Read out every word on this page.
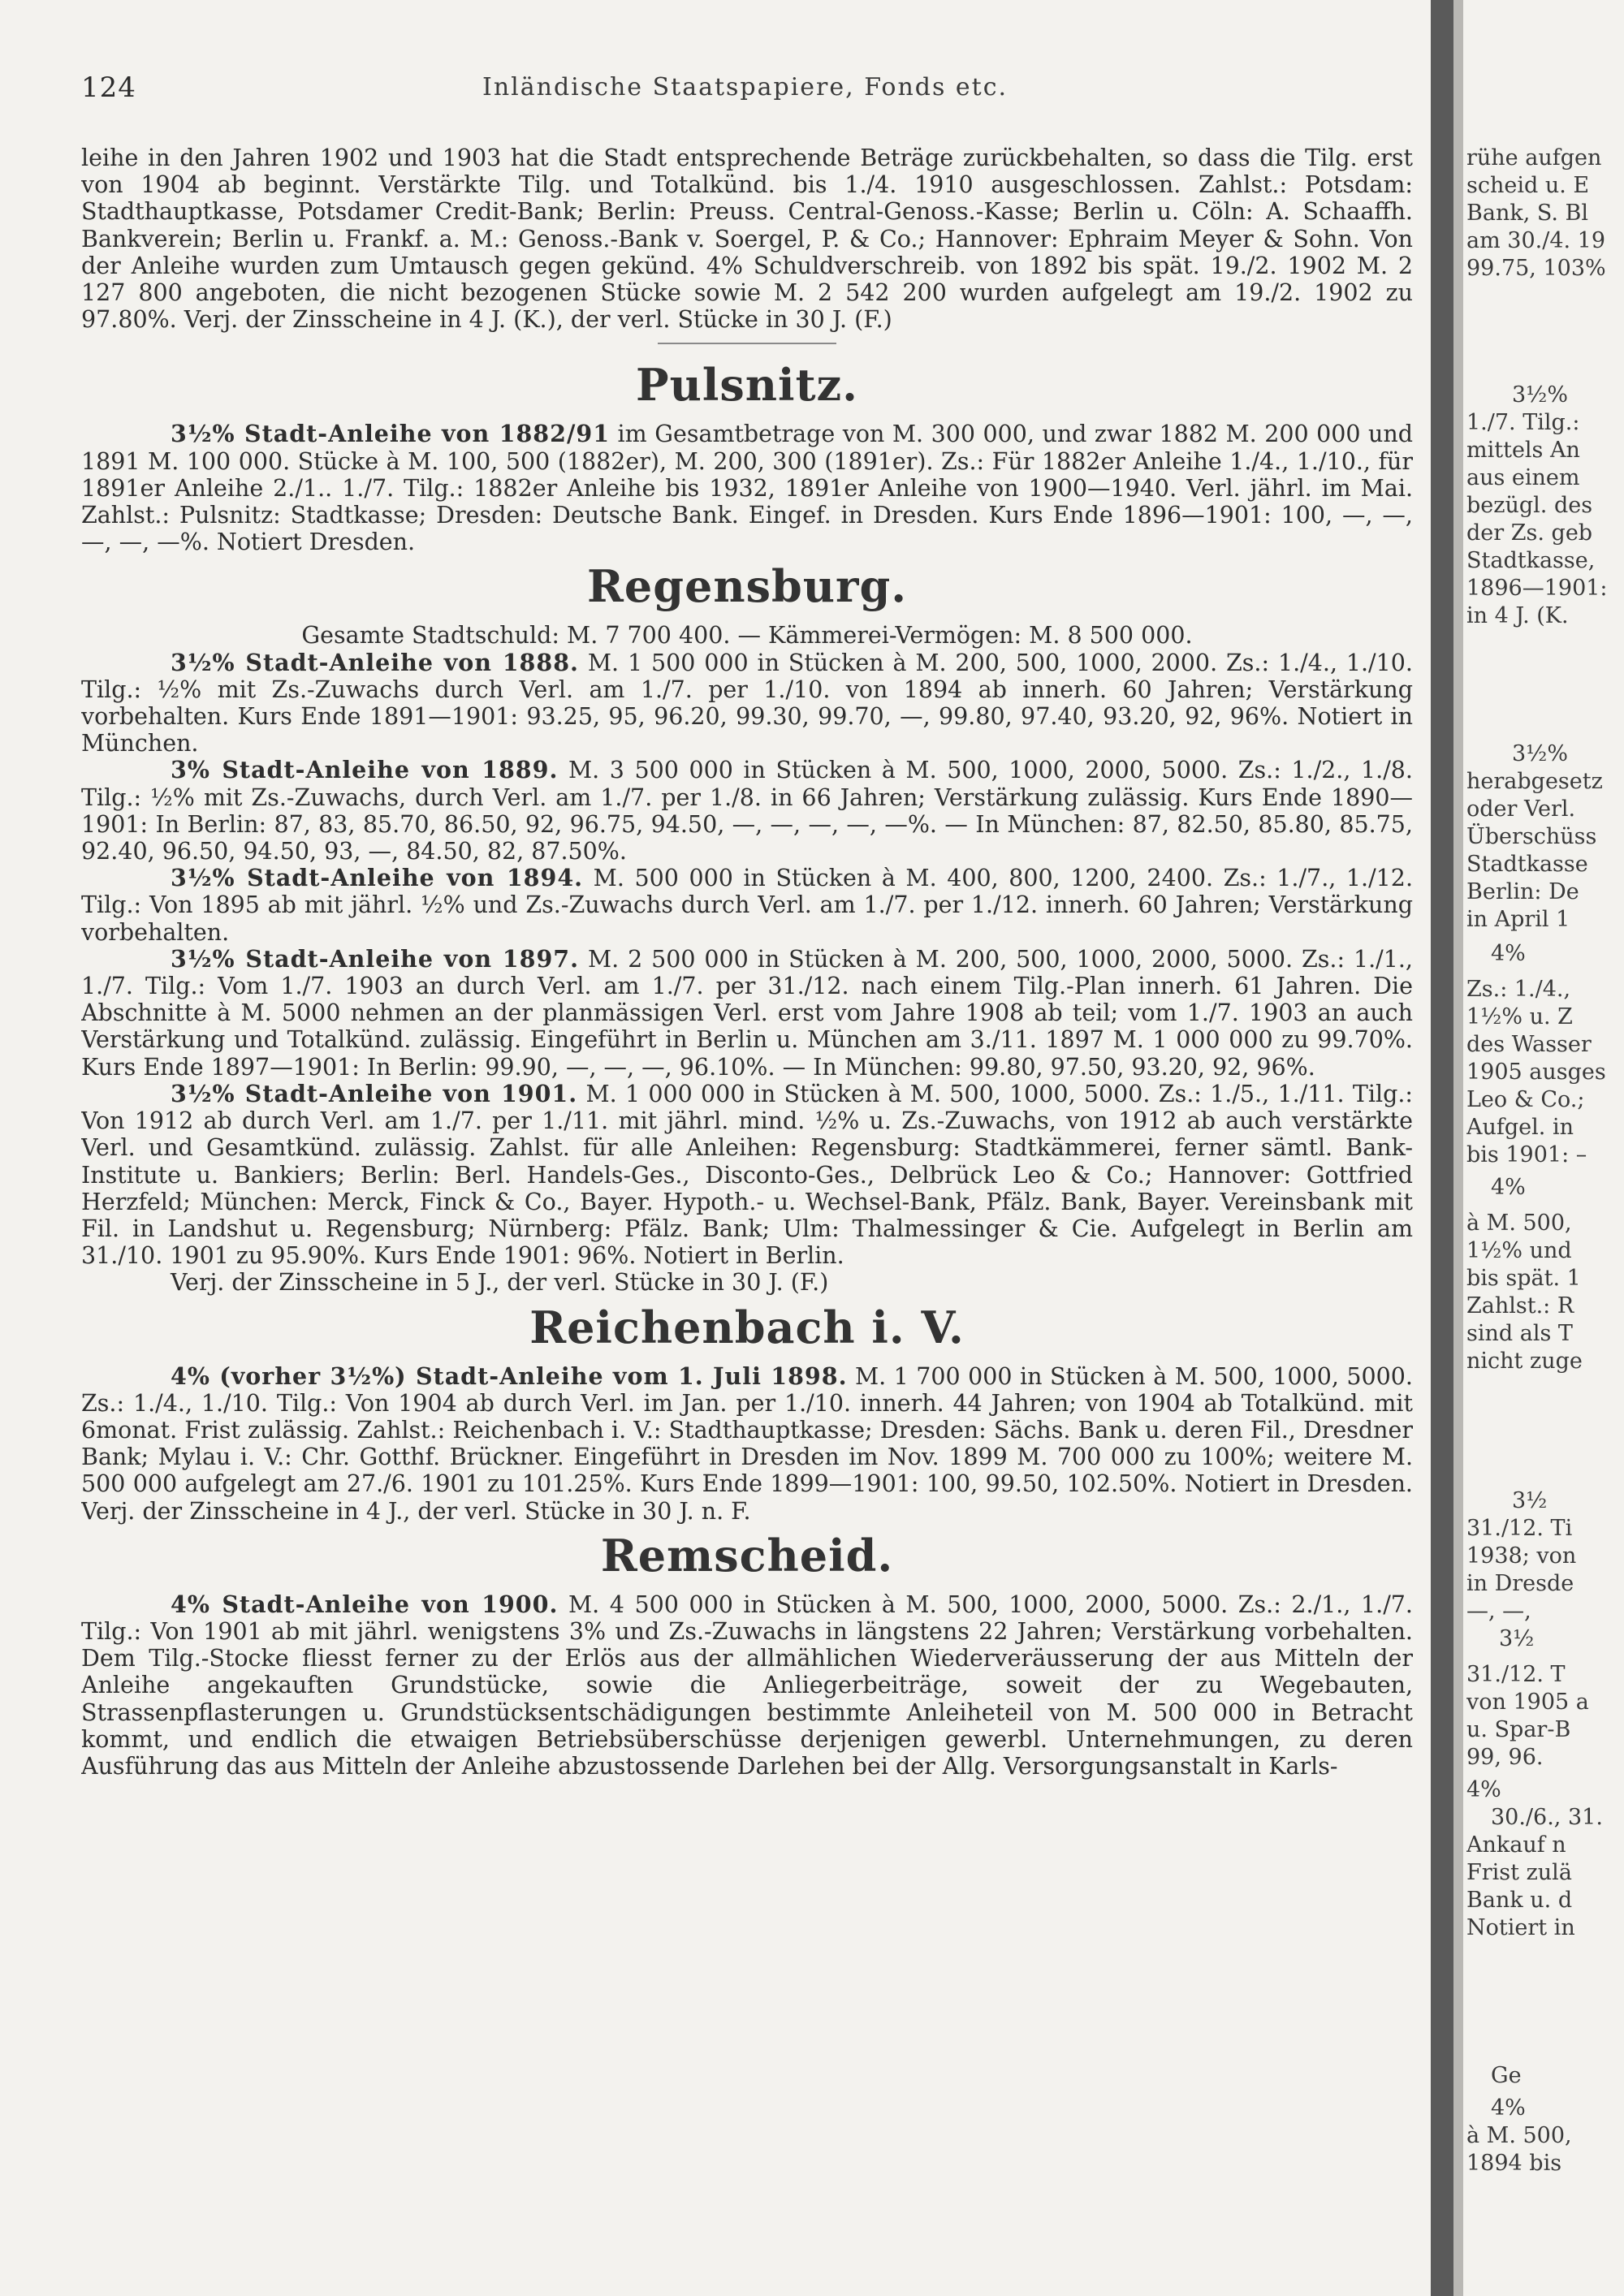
124	Inländische Staatspapiere, Fonds etc.

leihe in den Jahren 1902 und 1903 hat die Stadt entsprechende Beträge zurückbehalten, so dass die Tilg. erst von 1904 ab beginnt. Verstärkte Tilg. und Totalkünd. bis 1./4. 1910 ausgeschlossen. Zahlst.: Potsdam: Stadthauptkasse, Potsdamer Credit-Bank; Berlin: Preuss. Central-Genoss.-Kasse; Berlin u. Cöln: A. Schaaffh. Bankverein; Berlin u. Frankf. a. M.: Genoss.-Bank v. Soergel, P. & Co.; Hannover: Ephraim Meyer & Sohn. Von der Anleihe wurden zum Umtausch gegen gekünd. 4% Schuldverschreib. von 1892 bis spät. 19./2. 1902 M. 2 127 800 angeboten, die nicht bezogenen Stücke sowie M. 2 542 200 wurden aufgelegt am 19./2. 1902 zu 97.80%. Verj. der Zinsscheine in 4 J. (K.), der verl. Stücke in 30 J. (F.)

Pulsnitz.

3½% Stadt-Anleihe von 1882/91 im Gesamtbetrage von M. 300 000, und zwar 1882 M. 200 000 und 1891 M. 100 000. Stücke à M. 100, 500 (1882er), M. 200, 300 (1891er). Zs.: Für 1882er Anleihe 1./4., 1./10., für 1891er Anleihe 2./1.. 1./7. Tilg.: 1882er Anleihe bis 1932, 1891er Anleihe von 1900—1940. Verl. jährl. im Mai. Zahlst.: Pulsnitz: Stadtkasse; Dresden: Deutsche Bank. Eingef. in Dresden. Kurs Ende 1896—1901: 100, —, —, —, —, —%. Notiert Dresden.

Regensburg.

Gesamte Stadtschuld: M. 7 700 400. — Kämmerei-Vermögen: M. 8 500 000.

3½% Stadt-Anleihe von 1888. M. 1 500 000 in Stücken à M. 200, 500, 1000, 2000. Zs.: 1./4., 1./10. Tilg.: ½% mit Zs.-Zuwachs durch Verl. am 1./7. per 1./10. von 1894 ab innerh. 60 Jahren; Verstärkung vorbehalten. Kurs Ende 1891—1901: 93.25, 95, 96.20, 99.30, 99.70, —, 99.80, 97.40, 93.20, 92, 96%. Notiert in München.

3% Stadt-Anleihe von 1889. M. 3 500 000 in Stücken à M. 500, 1000, 2000, 5000. Zs.: 1./2., 1./8. Tilg.: ½% mit Zs.-Zuwachs, durch Verl. am 1./7. per 1./8. in 66 Jahren; Verstärkung zulässig. Kurs Ende 1890—1901: In Berlin: 87, 83, 85.70, 86.50, 92, 96.75, 94.50, —, —, —, —, —%. — In München: 87, 82.50, 85.80, 85.75, 92.40, 96.50, 94.50, 93, —, 84.50, 82, 87.50%.

3½% Stadt-Anleihe von 1894. M. 500 000 in Stücken à M. 400, 800, 1200, 2400. Zs.: 1./7., 1./12. Tilg.: Von 1895 ab mit jährl. ½% und Zs.-Zuwachs durch Verl. am 1./7. per 1./12. innerh. 60 Jahren; Verstärkung vorbehalten.

3½% Stadt-Anleihe von 1897. M. 2 500 000 in Stücken à M. 200, 500, 1000, 2000, 5000. Zs.: 1./1., 1./7. Tilg.: Vom 1./7. 1903 an durch Verl. am 1./7. per 31./12. nach einem Tilg.-Plan innerh. 61 Jahren. Die Abschnitte à M. 5000 nehmen an der planmässigen Verl. erst vom Jahre 1908 ab teil; vom 1./7. 1903 an auch Verstärkung und Totalkünd. zulässig. Eingeführt in Berlin u. München am 3./11. 1897 M. 1 000 000 zu 99.70%. Kurs Ende 1897—1901: In Berlin: 99.90, —, —, —, 96.10%. — In München: 99.80, 97.50, 93.20, 92, 96%.

3½% Stadt-Anleihe von 1901. M. 1 000 000 in Stücken à M. 500, 1000, 5000. Zs.: 1./5., 1./11. Tilg.: Von 1912 ab durch Verl. am 1./7. per 1./11. mit jährl. mind. ½% u. Zs.-Zuwachs, von 1912 ab auch verstärkte Verl. und Gesamtkünd. zulässig. Zahlst. für alle Anleihen: Regensburg: Stadtkämmerei, ferner sämtl. Bank-Institute u. Bankiers; Berlin: Berl. Handels-Ges., Disconto-Ges., Delbrück Leo & Co.; Hannover: Gottfried Herzfeld; München: Merck, Finck & Co., Bayer. Hypoth.- u. Wechsel-Bank, Pfälz. Bank, Bayer. Vereinsbank mit Fil. in Landshut u. Regensburg; Nürnberg: Pfälz. Bank; Ulm: Thalmessinger & Cie. Aufgelegt in Berlin am 31./10. 1901 zu 95.90%. Kurs Ende 1901: 96%. Notiert in Berlin.

Verj. der Zinsscheine in 5 J., der verl. Stücke in 30 J. (F.)

Reichenbach i. V.

4% (vorher 3½%) Stadt-Anleihe vom 1. Juli 1898. M. 1 700 000 in Stücken à M. 500, 1000, 5000. Zs.: 1./4., 1./10. Tilg.: Von 1904 ab durch Verl. im Jan. per 1./10. innerh. 44 Jahren; von 1904 ab Totalkünd. mit 6monat. Frist zulässig. Zahlst.: Reichenbach i. V.: Stadthauptkasse; Dresden: Sächs. Bank u. deren Fil., Dresdner Bank; Mylau i. V.: Chr. Gotthf. Brückner. Eingeführt in Dresden im Nov. 1899 M. 700 000 zu 100%; weitere M. 500 000 aufgelegt am 27./6. 1901 zu 101.25%. Kurs Ende 1899—1901: 100, 99.50, 102.50%. Notiert in Dresden. Verj. der Zinsscheine in 4 J., der verl. Stücke in 30 J. n. F.

Remscheid.

4% Stadt-Anleihe von 1900. M. 4 500 000 in Stücken à M. 500, 1000, 2000, 5000. Zs.: 2./1., 1./7. Tilg.: Von 1901 ab mit jährl. wenigstens 3% und Zs.-Zuwachs in längstens 22 Jahren; Verstärkung vorbehalten. Dem Tilg.-Stocke fliesst ferner zu der Erlös aus der allmählichen Wiederveräusserung der aus Mitteln der Anleihe angekauften Grundstücke, sowie die Anliegerbeiträge, soweit der zu Wegebauten, Strassenpflasterungen u. Grundstücksentschädigungen bestimmte Anleiheteil von M. 500 000 in Betracht kommt, und endlich die etwaigen Betriebsüberschüsse derjenigen gewerbl. Unternehmungen, zu deren Ausführung das aus Mitteln der Anleihe abzustossende Darlehen bei der Allg. Versorgungsanstalt in Karls-

rühe aufgen
scheid u. E
Bank, S. Bl
am 30./4. 19
99.75, 103%
3½%
1./7. Tilg.:
mittels An
aus einem
bezügl. des
der Zs. geb
Stadtkasse,
1896—1901:
in 4 J. (K.
3½%
herabgesetz
oder Verl.
Überschüss
Stadtkasse
Berlin: De
in April 1
4%
Zs.: 1./4.,
1½% u. Z
des Wasser
1905 ausges
Leo & Co.;
Aufgel. in
bis 1901: –
4%
à M. 500,
1½% und
bis spät. 1
Zahlst.: R
sind als T
nicht zuge
3½
31./12. Ti
1938; von
in Dresde
—, —,
3½
31./12. T
von 1905 a
u. Spar-B
99, 96.
4%
30./6., 31.
Ankauf n
Frist zulä
Bank u. d
Notiert in
Ge
4%
à M. 500,
1894 bis
